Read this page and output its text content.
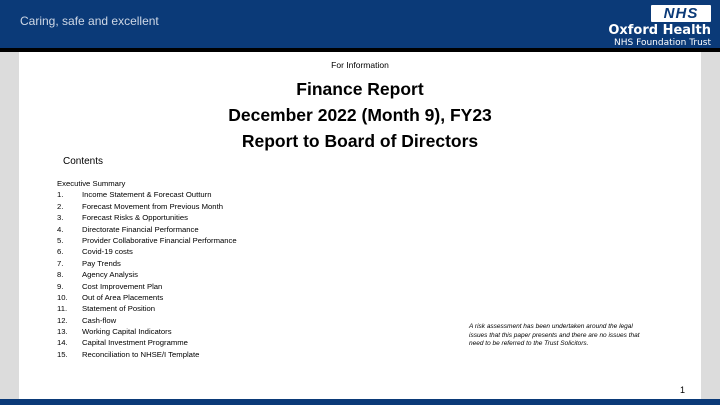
Caring, safe and excellent	NHS
Oxford Health
NHS Foundation Trust
For Information
Finance Report
December 2022 (Month 9), FY23
Report to Board of Directors
Contents
Executive Summary
1.	Income Statement & Forecast Outturn
2.	Forecast Movement from Previous Month
3.	Forecast Risks & Opportunities
4.	Directorate Financial Performance
5.	Provider Collaborative Financial Performance
6.	Covid-19 costs
7.	Pay Trends
8.	Agency Analysis
9.	Cost Improvement Plan
10.	Out of Area Placements
11.	Statement of Position
12.	Cash-flow
13.	Working Capital Indicators
14.	Capital Investment Programme
15.	Reconciliation to NHSE/I Template
A risk assessment has been undertaken around the legal issues that this paper presents and there are no issues that need to be referred to the Trust Solicitors.
1
